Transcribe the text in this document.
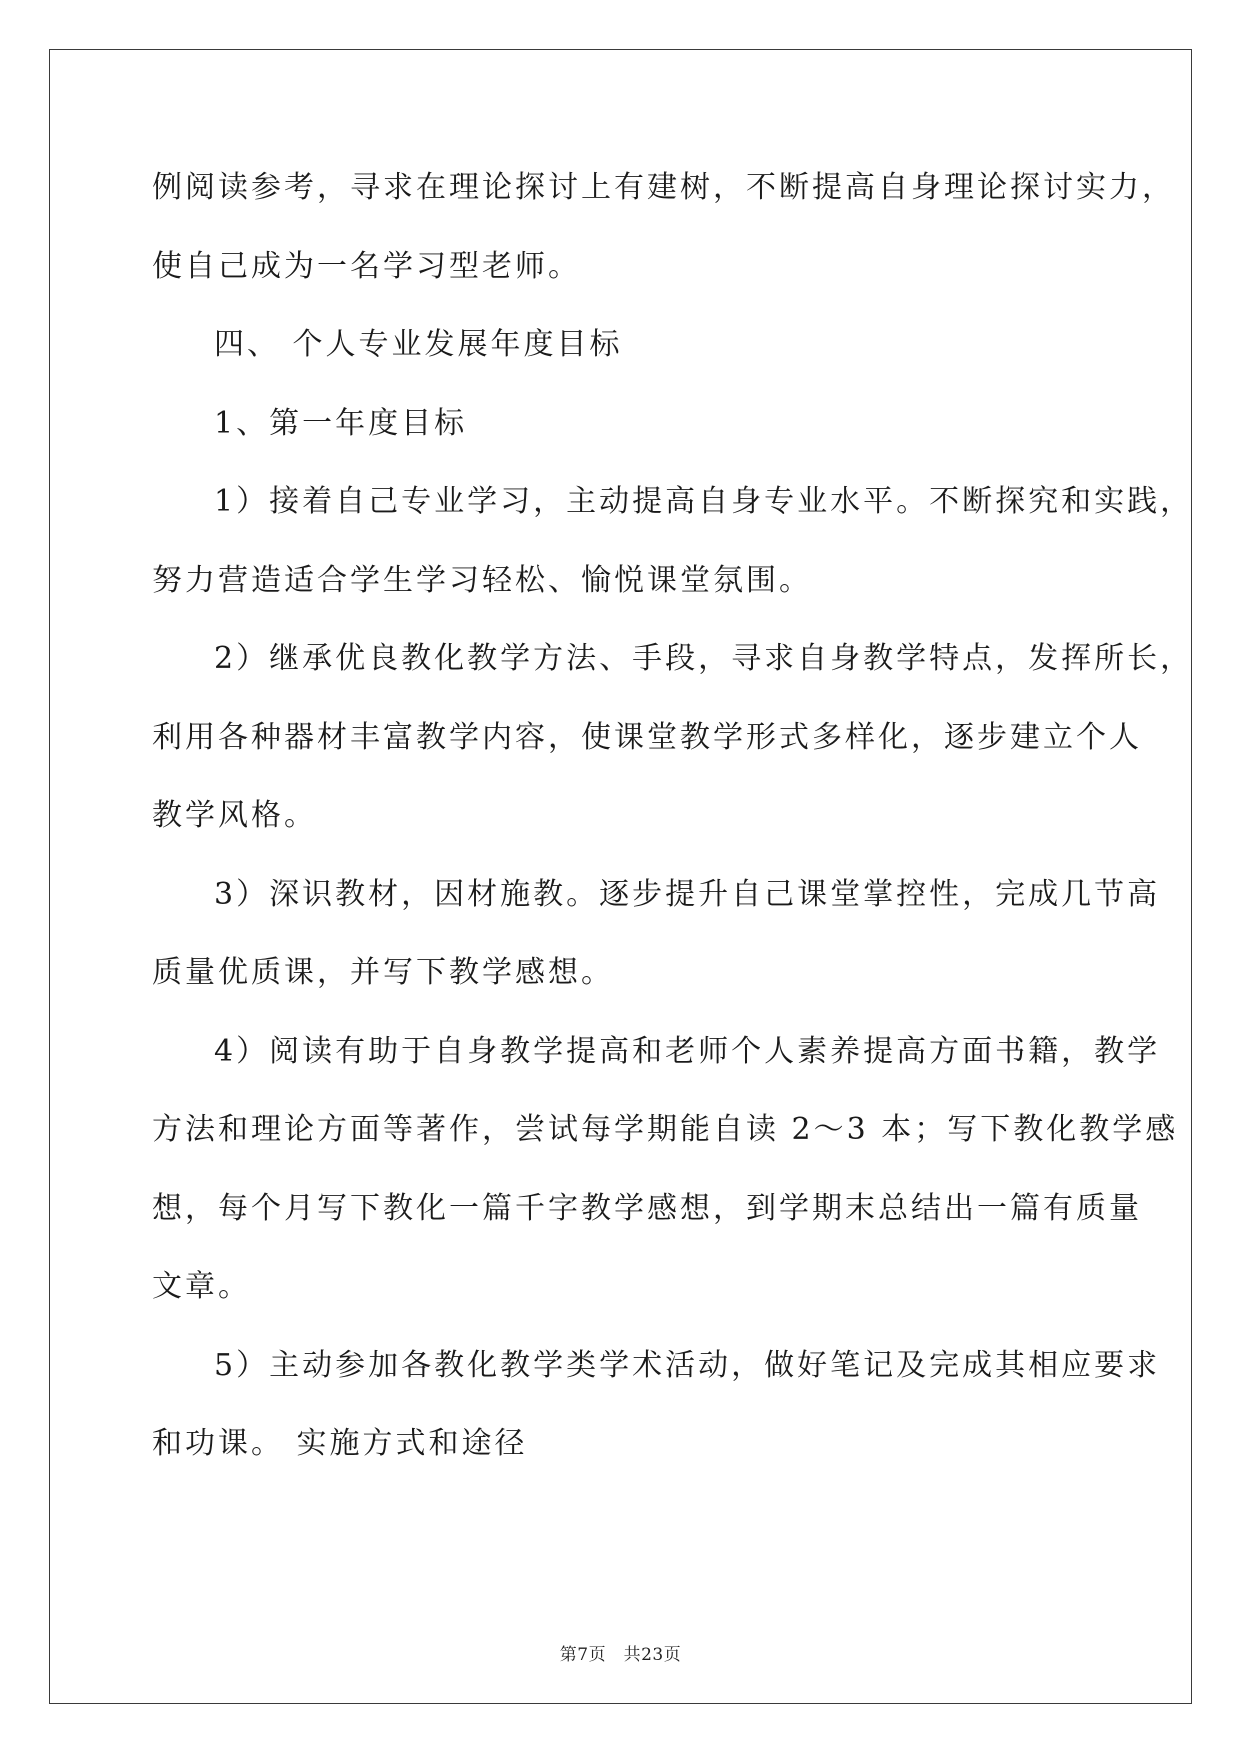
例阅读参考，寻求在理论探讨上有建树，不断提高自身理论探讨实力，
使自己成为一名学习型老师。
四、 个人专业发展年度目标
1、第一年度目标
1）接着自己专业学习，主动提高自身专业水平。不断探究和实践，
努力营造适合学生学习轻松、愉悦课堂氛围。
2）继承优良教化教学方法、手段，寻求自身教学特点，发挥所长，
利用各种器材丰富教学内容，使课堂教学形式多样化，逐步建立个人
教学风格。
3）深识教材，因材施教。逐步提升自己课堂掌控性，完成几节高
质量优质课，并写下教学感想。
4）阅读有助于自身教学提高和老师个人素养提高方面书籍，教学
方法和理论方面等著作，尝试每学期能自读 2～3 本；写下教化教学感
想，每个月写下教化一篇千字教学感想，到学期末总结出一篇有质量
文章。
5）主动参加各教化教学类学术活动，做好笔记及完成其相应要求
和功课。 实施方式和途径
第7页　共23页
